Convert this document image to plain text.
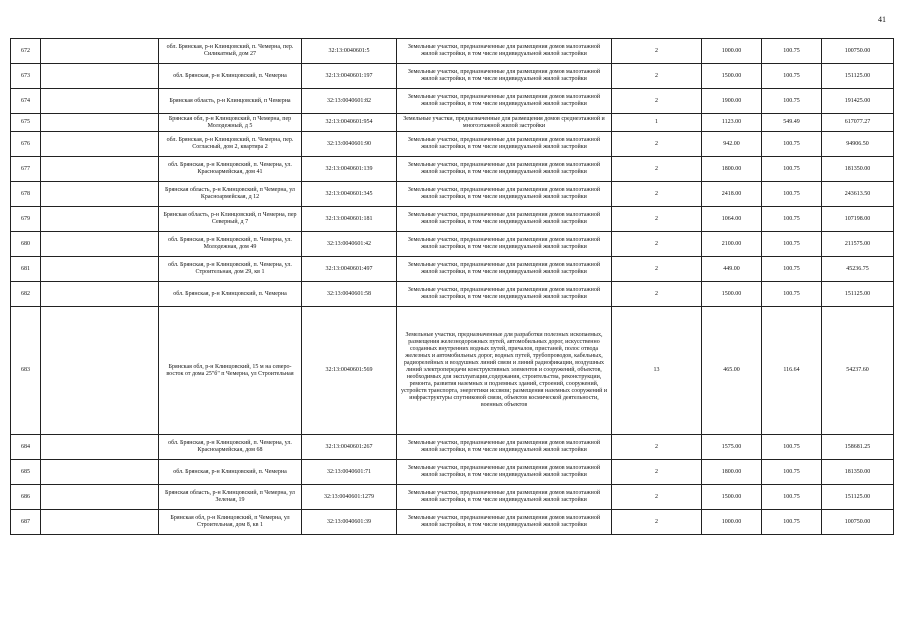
41
672		обл. Брянская, р-н Клинцовский, п. Чемерна, пер. Силикатный, дом 27	32:13:0040601:5	Земельные участки, предназначенные для размещения домов малоэтажной жилой застройки, в том числе индивидуальной жилой застройки	2	1000.00	100.75	100750.00
673		обл. Брянская, р-н Клинцовский, п. Чемерна	32:13:0040601:197	Земельные участки, предназначенные для размещения домов малоэтажной жилой застройки, в том числе индивидуальной жилой застройки	2	1500.00	100.75	151125.00
674		Брянская область, р-н Клинцовский, п Чемерна	32:13:0040601:82	Земельные участки, предназначенные для размещения домов малоэтажной жилой застройки, в том числе индивидуальной жилой застройки	2	1900.00	100.75	191425.00
675		Брянская обл, р-н Клинцовский, п Чемерна, пер Молодежный, д 5	32:13:0040601:954	Земельные участки, предназначенные для размещения домов среднеэтажной и многоэтажной жилой застройки	1	1123.00	549.49	617077.27
676		обл. Брянская, р-н Клинцовский, п. Чемерна, пер. Согласный, дом 2, квартира 2	32:13:0040601:90	Земельные участки, предназначенные для размещения домов малоэтажной жилой застройки, в том числе индивидуальной жилой застройки	2	942.00	100.75	94906.50
677		обл. Брянская, р-н Клинцовский, п. Чемерна, ул. Красноармейская, дом 41	32:13:0040601:139	Земельные участки, предназначенные для размещения домов малоэтажной жилой застройки, в том числе индивидуальной жилой застройки	2	1800.00	100.75	181350.00
678		Брянская область, р-н Клинцовский, п Чемерна, ул Красноармейская, д 12	32:13:0040601:345	Земельные участки, предназначенные для размещения домов малоэтажной жилой застройки, в том числе индивидуальной жилой застройки	2	2418.00	100.75	243613.50
679		Брянская область, р-н Клинцовский, п Чемерна, пер Северный, д 7	32:13:0040601:181	Земельные участки, предназначенные для размещения домов малоэтажной жилой застройки, в том числе индивидуальной жилой застройки	2	1064.00	100.75	107198.00
680		обл. Брянская, р-н Клинцовский, п. Чемерна, ул. Молодежная, дом 49	32:13:0040601:42	Земельные участки, предназначенные для размещения домов малоэтажной жилой застройки, в том числе индивидуальной жилой застройки	2	2100.00	100.75	211575.00
681		обл. Брянская, р-н Клинцовский, п. Чемерна, ул. Строительная, дом 29, кв 1	32:13:0040601:497	Земельные участки, предназначенные для размещения домов малоэтажной жилой застройки, в том числе индивидуальной жилой застройки	2	449.00	100.75	45236.75
682		обл. Брянская, р-н Клинцовский, п. Чемерна	32:13:0040601:58	Земельные участки, предназначенные для размещения домов малоэтажной жилой застройки, в том числе индивидуальной жилой застройки	2	1500.00	100.75	151125.00
683		Брянская обл, р-н Клинцовский, 15 м на северо-восток от дома 25"б" п Чемерна, ул Строительная	32:13:0040601:569	Земельные участки, предназначенные для разработки полезных ископаемых, размещения железнодорожных путей, автомобильных дорог, искусственно созданных внутренних водных путей, причалов, пристаней, полос отвода железных и автомобильных дорог, водных путей, трубопроводов, кабельных, радиорелейных и воздушных линий связи и линий радиофикации, воздушных линий электропередачи конструктивных элементов и сооружений, объектов, необходимых для эксплуатации,содержания, строительства, реконструкции, ремонта, развития наземных и подземных зданий, строений, сооружений, устройств транспорта, энергетики иссвязи; размещения наземных сооружений и инфраструктуры спутниковой связи, объектов космической деятельности, военных объектов	13	465.00	116.64	54237.60
684		обл. Брянская, р-н Клинцовский, п. Чемерна, ул. Красноармейская, дом 68	32:13:0040601:267	Земельные участки, предназначенные для размещения домов малоэтажной жилой застройки, в том числе индивидуальной жилой застройки	2	1575.00	100.75	158681.25
685		обл. Брянская, р-н Клинцовский, п. Чемерна	32:13:0040601:71	Земельные участки, предназначенные для размещения домов малоэтажной жилой застройки, в том числе индивидуальной жилой застройки	2	1800.00	100.75	181350.00
686		Брянская область, р-н Клинцовский, п Чемерна, ул Зеленая, 19	32:13:0040601:1279	Земельные участки, предназначенные для размещения домов малоэтажной жилой застройки, в том числе индивидуальной жилой застройки	2	1500.00	100.75	151125.00
687		Брянская обл, р-н Клинцовский, п Чемерна, ул Строительная, дом 8, кв 1	32:13:0040601:39	Земельные участки, предназначенные для размещения домов малоэтажной жилой застройки, в том числе индивидуальной жилой застройки	2	1000.00	100.75	100750.00
